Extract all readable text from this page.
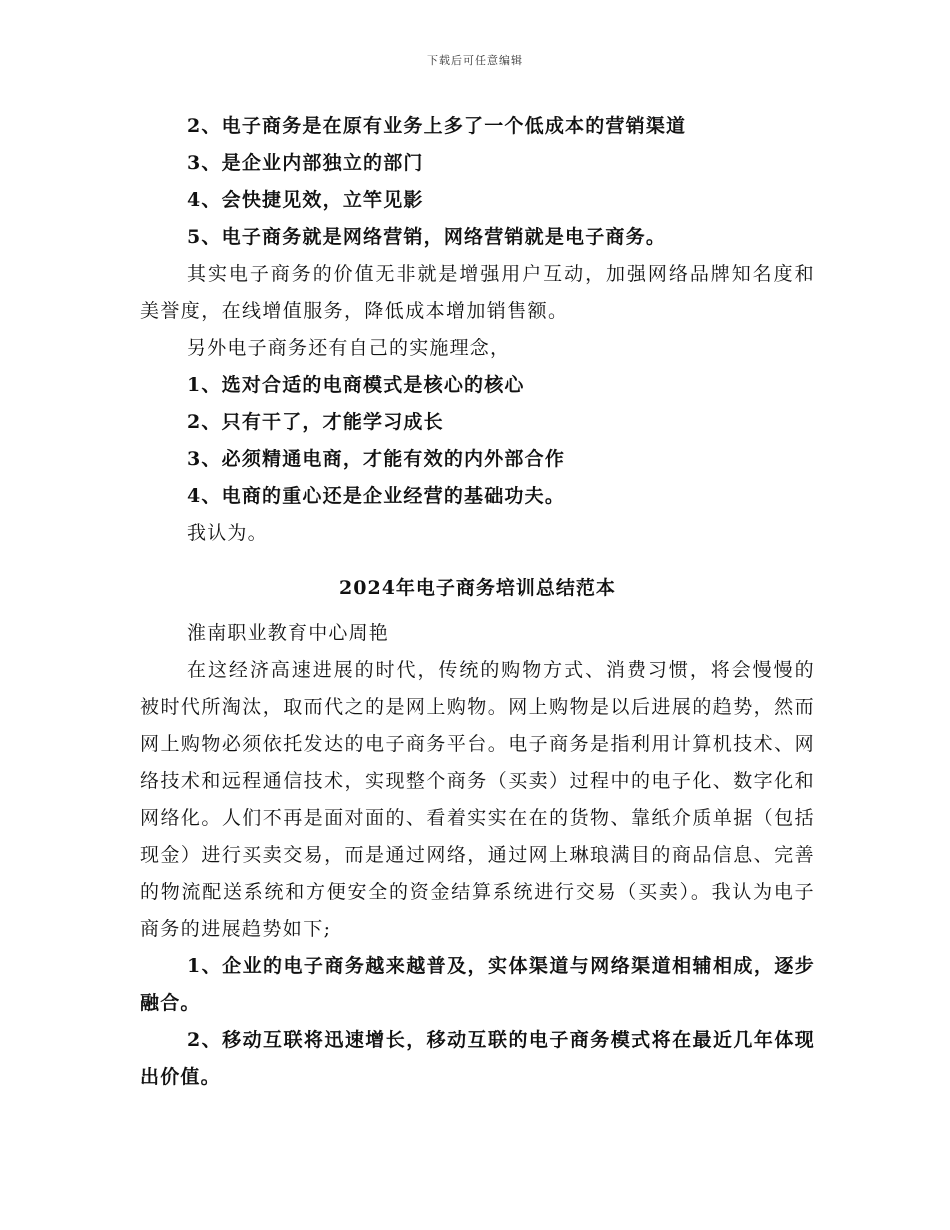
下载后可任意编辑
2、电子商务是在原有业务上多了一个低成本的营销渠道
3、是企业内部独立的部门
4、会快捷见效，立竿见影
5、电子商务就是网络营销，网络营销就是电子商务。

其实电子商务的价值无非就是增强用户互动，加强网络品牌知名度和美誉度，在线增值服务，降低成本增加销售额。

另外电子商务还有自己的实施理念，
1、选对合适的电商模式是核心的核心
2、只有干了，才能学习成长
3、必须精通电商，才能有效的内外部合作
4、电商的重心还是企业经营的基础功夫。
我认为。
2024年电子商务培训总结范本
淮南职业教育中心周艳

在这经济高速进展的时代，传统的购物方式、消费习惯，将会慢慢的被时代所淘汰，取而代之的是网上购物。网上购物是以后进展的趋势，然而网上购物必须依托发达的电子商务平台。电子商务是指利用计算机技术、网络技术和远程通信技术，实现整个商务（买卖）过程中的电子化、数字化和网络化。人们不再是面对面的、看着实实在在的货物、靠纸介质单据（包括现金）进行买卖交易，而是通过网络，通过网上琳琅满目的商品信息、完善的物流配送系统和方便安全的资金结算系统进行交易（买卖）。我认为电子商务的进展趋势如下;

1、企业的电子商务越来越普及，实体渠道与网络渠道相辅相成，逐步融合。

2、移动互联将迅速增长，移动互联的电子商务模式将在最近几年体现出价值。
